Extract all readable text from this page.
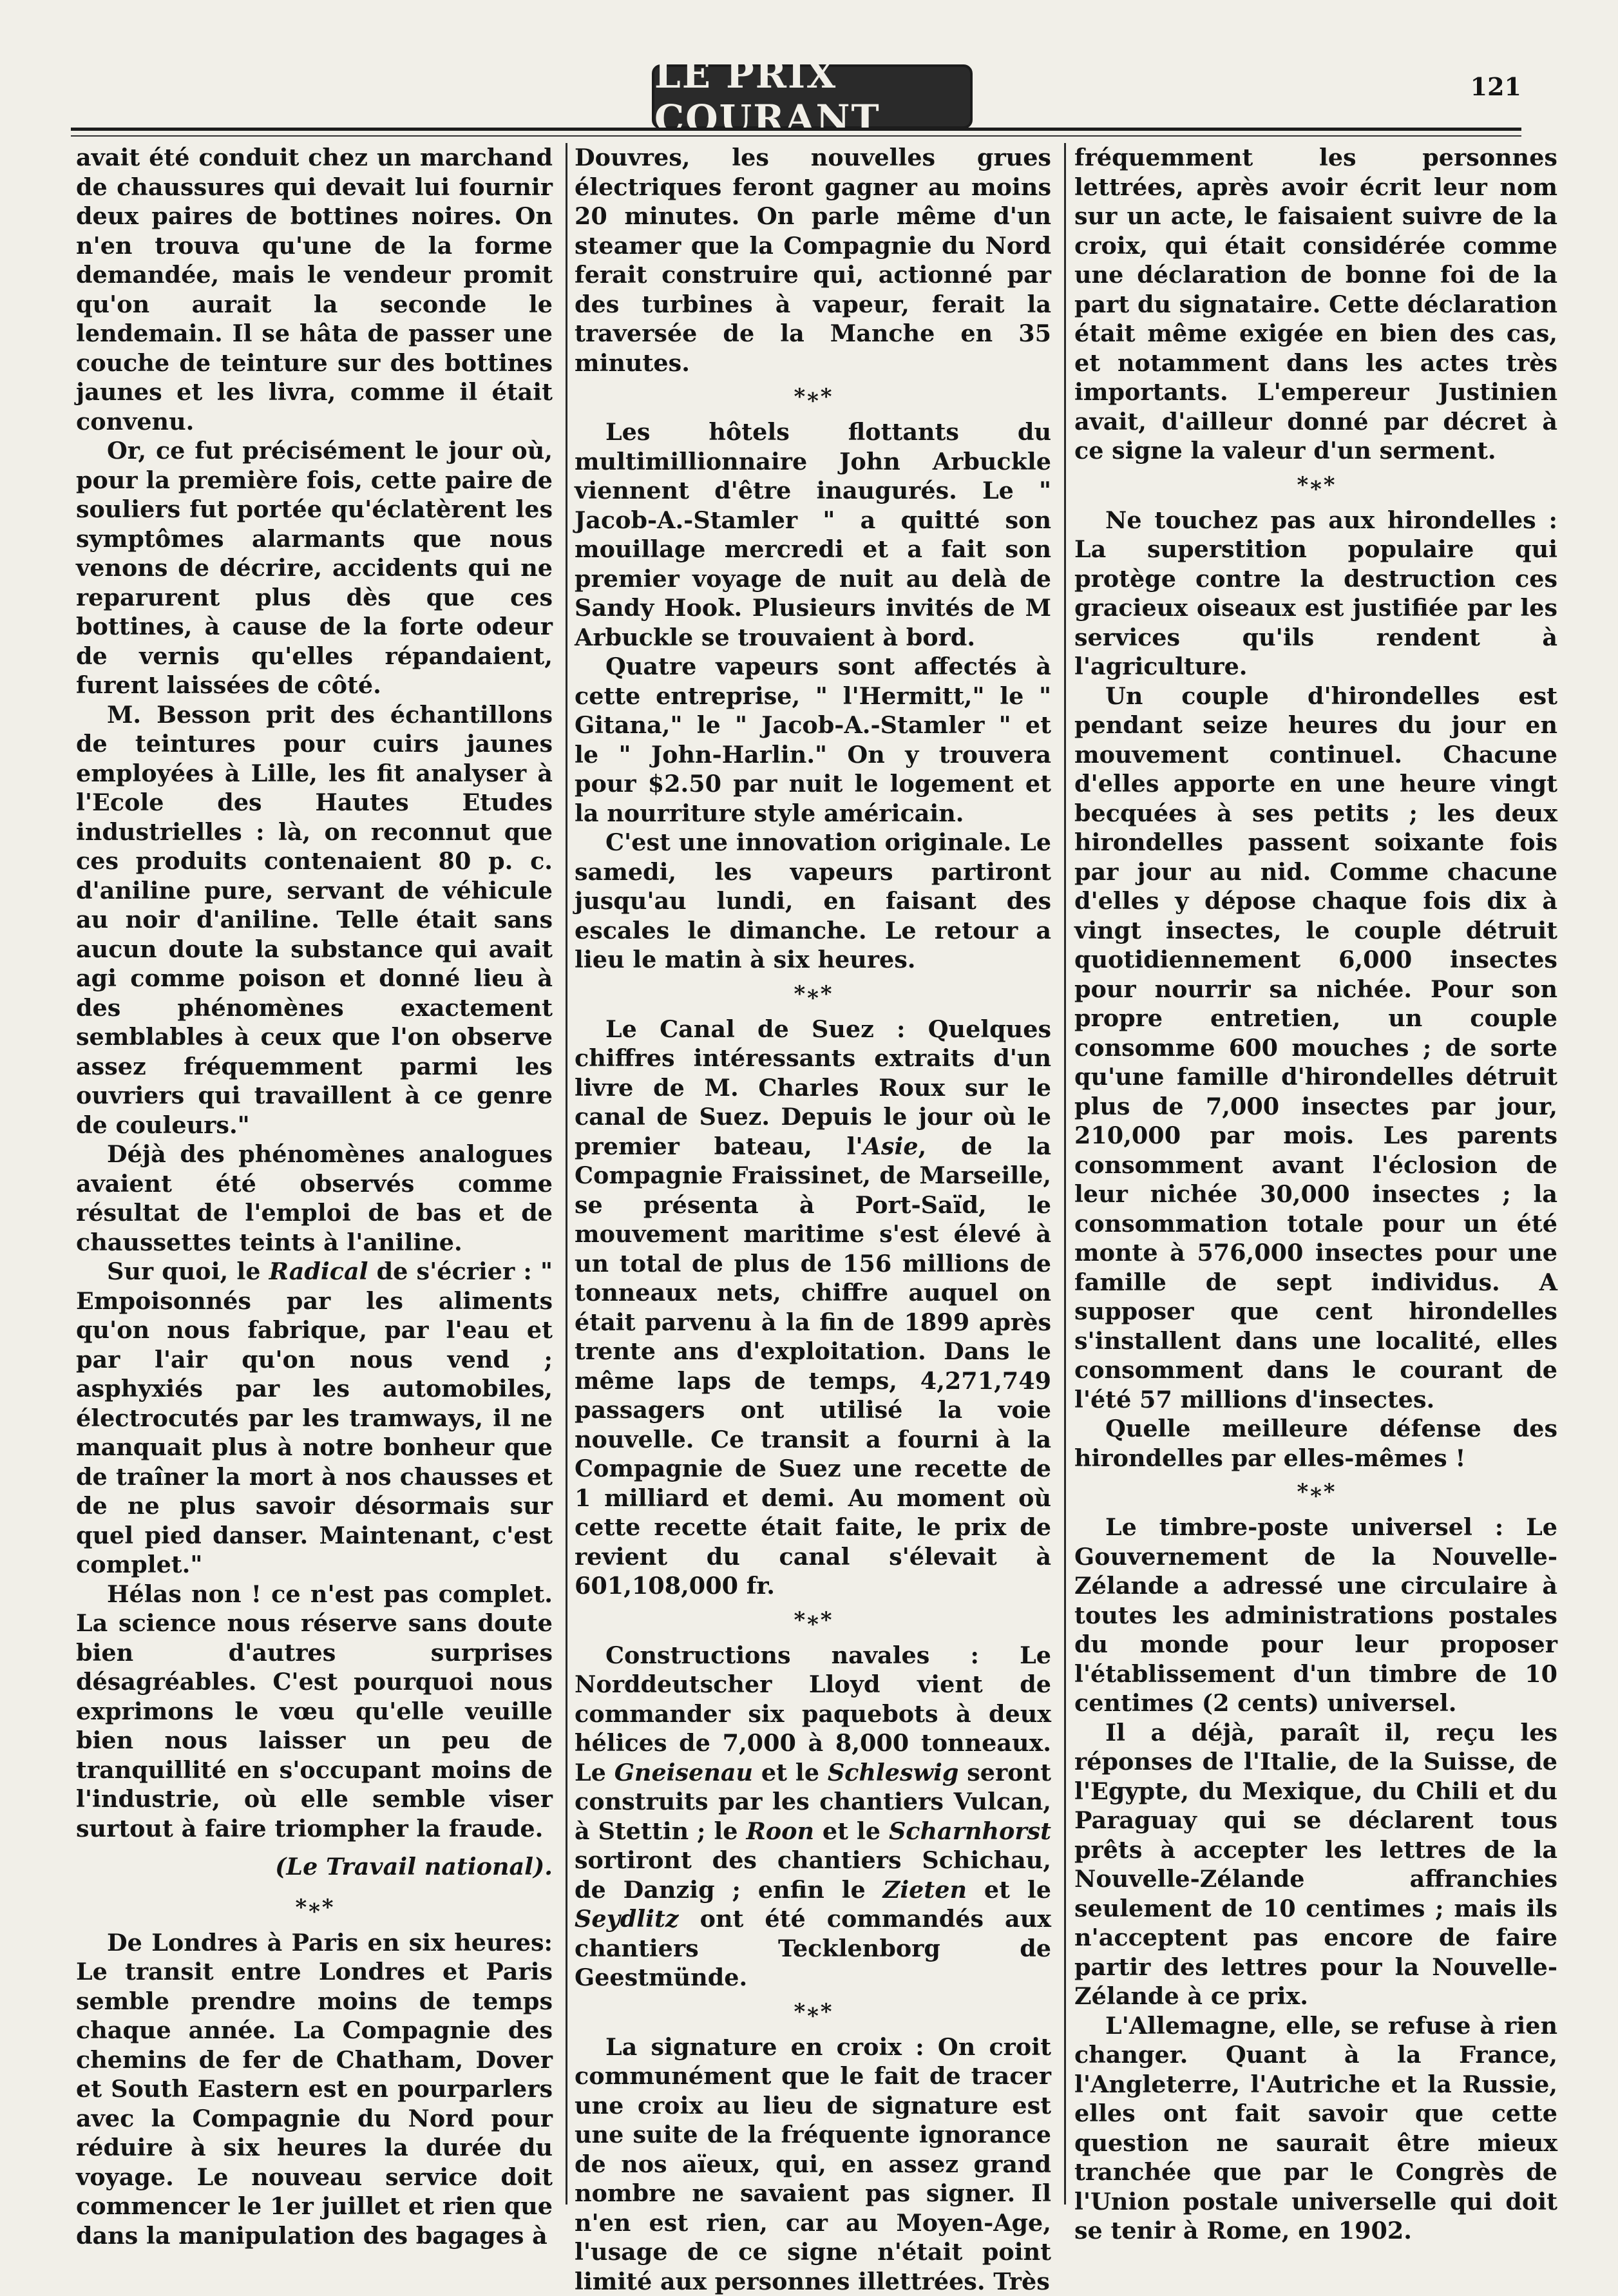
LE PRIX COURANT
121

avait été conduit chez un marchand de chaussures qui devait lui fournir deux paires de bottines noires. On n'en trouva qu'une de la forme demandée, mais le vendeur promit qu'on aurait la seconde le lendemain. Il se hâta de passer une couche de teinture sur des bottines jaunes et les livra, comme il était convenu.

Or, ce fut précisément le jour où, pour la première fois, cette paire de souliers fut portée qu'éclatèrent les symptômes alarmants que nous venons de décrire, accidents qui ne reparurent plus dès que ces bottines, à cause de la forte odeur de vernis qu'elles répandaient, furent laissées de côté.

M. Besson prit des échantillons de teintures pour cuirs jaunes employées à Lille, les fit analyser à l'Ecole des Hautes Etudes industrielles : là, on reconnut que ces produits contenaient 80 p. c. d'aniline pure, servant de véhicule au noir d'aniline. Telle était sans aucun doute la substance qui avait agi comme poison et donné lieu à des phénomènes exactement semblables à ceux que l'on observe assez fréquemment parmi les ouvriers qui travaillent à ce genre de couleurs."

Déjà des phénomènes analogues avaient été observés comme résultat de l'emploi de bas et de chaussettes teints à l'aniline.

Sur quoi, le Radical de s'écrier : " Empoisonnés par les aliments qu'on nous fabrique, par l'eau et par l'air qu'on nous vend ; asphyxiés par les automobiles, électrocutés par les tramways, il ne manquait plus à notre bonheur que de traîner la mort à nos chausses et de ne plus savoir désormais sur quel pied danser. Maintenant, c'est complet."

Hélas non ! ce n'est pas complet. La science nous réserve sans doute bien d'autres surprises désagréables. C'est pourquoi nous exprimons le vœu qu'elle veuille bien nous laisser un peu de tranquillité en s'occupant moins de l'industrie, où elle semble viser surtout à faire triompher la fraude.

(Le Travail national).

*∗*

De Londres à Paris en six heures: Le transit entre Londres et Paris semble prendre moins de temps chaque année. La Compagnie des chemins de fer de Chatham, Dover et South Eastern est en pourparlers avec la Compagnie du Nord pour réduire à six heures la durée du voyage. Le nouveau service doit commencer le 1er juillet et rien que dans la manipulation des bagages à

Douvres, les nouvelles grues électriques feront gagner au moins 20 minutes. On parle même d'un steamer que la Compagnie du Nord ferait construire qui, actionné par des turbines à vapeur, ferait la traversée de la Manche en 35 minutes.

*∗*

Les hôtels flottants du multimillionnaire John Arbuckle viennent d'être inaugurés. Le " Jacob-A.-Stamler " a quitté son mouillage mercredi et a fait son premier voyage de nuit au delà de Sandy Hook. Plusieurs invités de M Arbuckle se trouvaient à bord.

Quatre vapeurs sont affectés à cette entreprise, " l'Hermitt," le " Gitana," le " Jacob-A.-Stamler " et le " John-Harlin." On y trouvera pour $2.50 par nuit le logement et la nourriture style américain.

C'est une innovation originale. Le samedi, les vapeurs partiront jusqu'au lundi, en faisant des escales le dimanche. Le retour a lieu le matin à six heures.

*∗*

Le Canal de Suez : Quelques chiffres intéressants extraits d'un livre de M. Charles Roux sur le canal de Suez. Depuis le jour où le premier bateau, l'Asie, de la Compagnie Fraissinet, de Marseille, se présenta à Port-Saïd, le mouvement maritime s'est élevé à un total de plus de 156 millions de tonneaux nets, chiffre auquel on était parvenu à la fin de 1899 après trente ans d'exploitation. Dans le même laps de temps, 4,271,749 passagers ont utilisé la voie nouvelle. Ce transit a fourni à la Compagnie de Suez une recette de 1 milliard et demi. Au moment où cette recette était faite, le prix de revient du canal s'élevait à 601,108,000 fr.

*∗*

Constructions navales : Le Norddeutscher Lloyd vient de commander six paquebots à deux hélices de 7,000 à 8,000 tonneaux. Le Gneisenau et le Schleswig seront construits par les chantiers Vulcan, à Stettin ; le Roon et le Scharnhorst sortiront des chantiers Schichau, de Danzig ; enfin le Zieten et le Seydlitz ont été commandés aux chantiers Tecklenborg de Geestmünde.

*∗*

La signature en croix : On croit communément que le fait de tracer une croix au lieu de signature est une suite de la fréquente ignorance de nos aïeux, qui, en assez grand nombre ne savaient pas signer. Il n'en est rien, car au Moyen-Age, l'usage de ce signe n'était point limité aux personnes illettrées. Très

fréquemment les personnes lettrées, après avoir écrit leur nom sur un acte, le faisaient suivre de la croix, qui était considérée comme une déclaration de bonne foi de la part du signataire. Cette déclaration était même exigée en bien des cas, et notamment dans les actes très importants. L'empereur Justinien avait, d'ailleur donné par décret à ce signe la valeur d'un serment.

*∗*

Ne touchez pas aux hirondelles : La superstition populaire qui protège contre la destruction ces gracieux oiseaux est justifiée par les services qu'ils rendent à l'agriculture.

Un couple d'hirondelles est pendant seize heures du jour en mouvement continuel. Chacune d'elles apporte en une heure vingt becquées à ses petits ; les deux hirondelles passent soixante fois par jour au nid. Comme chacune d'elles y dépose chaque fois dix à vingt insectes, le couple détruit quotidiennement 6,000 insectes pour nourrir sa nichée. Pour son propre entretien, un couple consomme 600 mouches ; de sorte qu'une famille d'hirondelles détruit plus de 7,000 insectes par jour, 210,000 par mois. Les parents consomment avant l'éclosion de leur nichée 30,000 insectes ; la consommation totale pour un été monte à 576,000 insectes pour une famille de sept individus. A supposer que cent hirondelles s'installent dans une localité, elles consomment dans le courant de l'été 57 millions d'insectes.

Quelle meilleure défense des hirondelles par elles-mêmes !

*∗*

Le timbre-poste universel : Le Gouvernement de la Nouvelle-Zélande a adressé une circulaire à toutes les administrations postales du monde pour leur proposer l'établissement d'un timbre de 10 centimes (2 cents) universel.

Il a déjà, paraît il, reçu les réponses de l'Italie, de la Suisse, de l'Egypte, du Mexique, du Chili et du Paraguay qui se déclarent tous prêts à accepter les lettres de la Nouvelle-Zélande affranchies seulement de 10 centimes ; mais ils n'acceptent pas encore de faire partir des lettres pour la Nouvelle-Zélande à ce prix.

L'Allemagne, elle, se refuse à rien changer. Quant à la France, l'Angleterre, l'Autriche et la Russie, elles ont fait savoir que cette question ne saurait être mieux tranchée que par le Congrès de l'Union postale universelle qui doit se tenir à Rome, en 1902.
